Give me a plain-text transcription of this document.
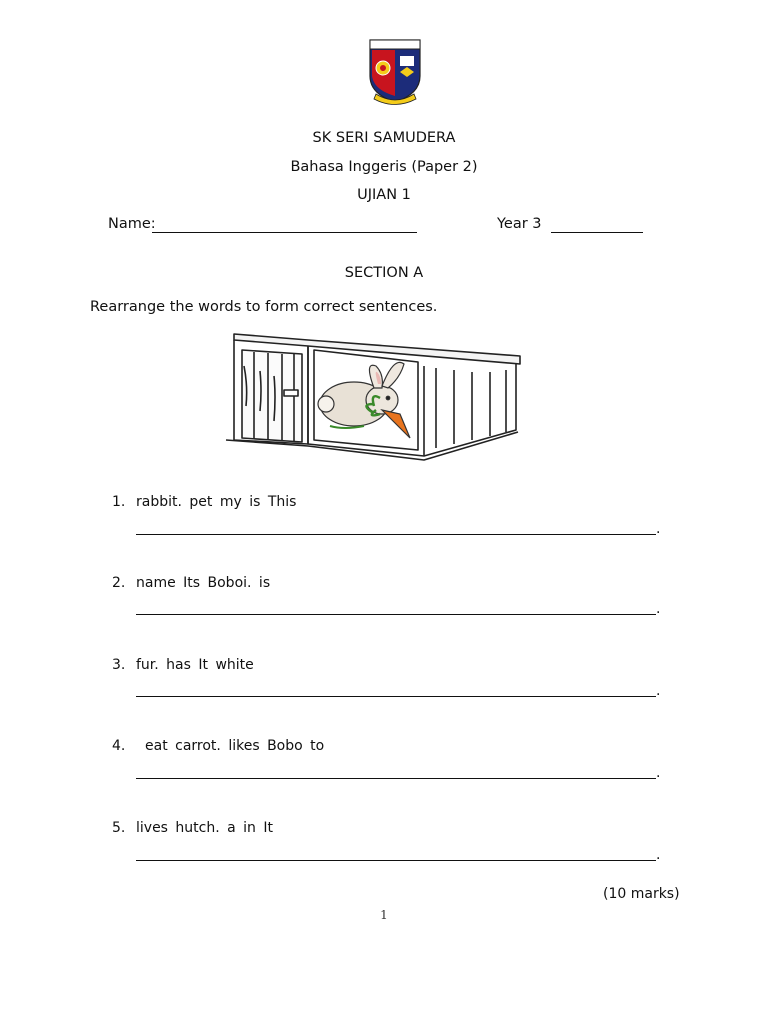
SK SERI SAMUDERA
Bahasa Inggeris (Paper 2)
UJIAN 1
Name:	Year 3
SECTION A
Rearrange the words to form correct sentences.
1. rabbit. pet my is This
.
2. name Its Boboi. is
.
3. fur. has It white
.
4. eat carrot. likes Bobo to
.
5. lives hutch. a in It
.
(10 marks)
1
